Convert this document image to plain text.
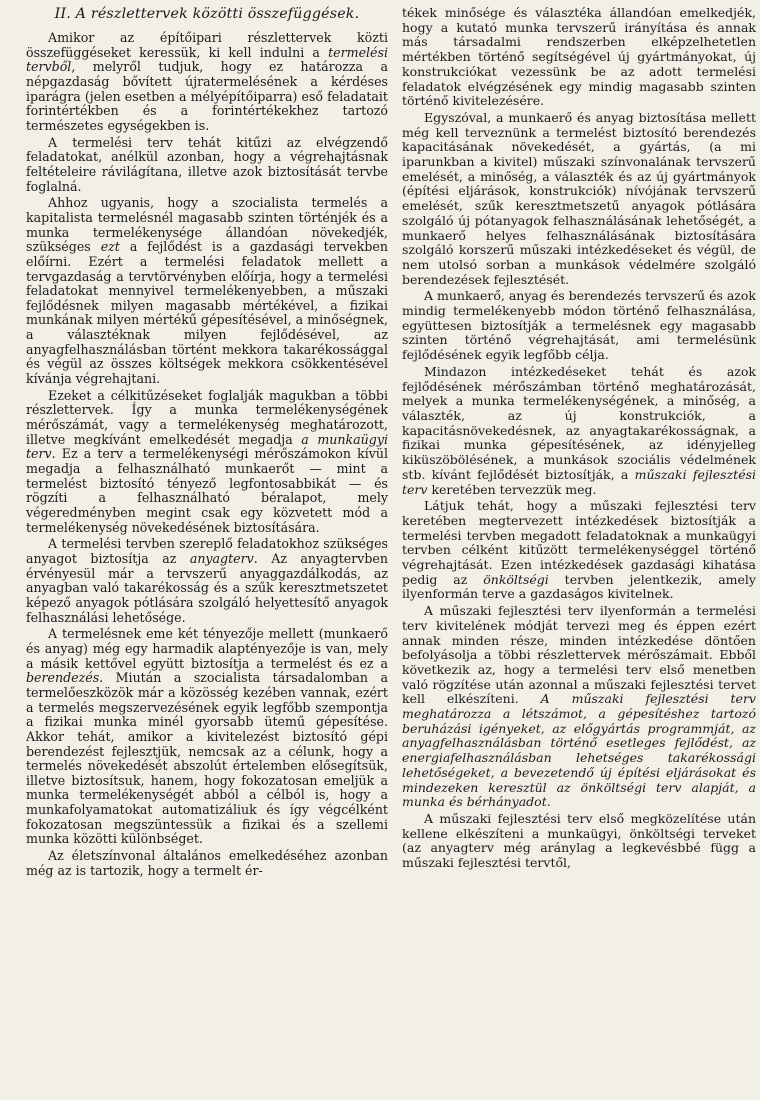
II. A részlettervek közötti összefüggések.

Amikor az építőipari részlettervek közti összefüggéseket keressük, ki kell indulni a termelési tervből, melyről tudjuk, hogy ez határozza a népgazdaság bővített újratermelésének a kérdéses iparágra (jelen esetben a mélyépítőiparra) eső feladatait forintértékben és a forintértékekhez tartozó természetes egységekben is.

A termelési terv tehát kitűzi az elvégzendő feladatokat, anélkül azonban, hogy a végrehajtásnak feltételeire rávilágítana, illetve azok biztosítását tervbe foglalná.

Ahhoz ugyanis, hogy a szocialista termelés a kapitalista termelésnél magasabb szinten történjék és a munka termelékenysége állandóan növekedjék, szükséges ezt a fejlődést is a gazdasági tervekben előírni. Ezért a termelési feladatok mellett a tervgazdaság a tervtörvényben előírja, hogy a termelési feladatokat mennyivel termelékenyebben, a műszaki fejlődésnek milyen magasabb mértékével, a fizikai munkának milyen mértékű gépesítésével, a minőségnek, a választéknak milyen fejlődésével, az anyagfelhasználásban történt mekkora takarékossággal és végül az összes költségek mekkora csökkentésével kívánja végrehajtani.

Ezeket a célkitűzéseket foglalják magukban a többi részlettervek. Így a munka termelékenységének mérőszámát, vagy a termelékenység meghatározott, illetve megkívánt emelkedését megadja a munkaügyi terv. Ez a terv a termelékenységi mérőszámokon kívül megadja a felhasználható munkaerőt — mint a termelést biztosító tényező legfontosabbikát — és rögzíti a felhasználható béralapot, mely végeredményben megint csak egy közvetett mód a termelékenység növekedésének biztosítására.

A termelési tervben szereplő feladatokhoz szükséges anyagot biztosítja az anyagterv. Az anyagtervben érvényesül már a tervszerű anyaggazdálkodás, az anyagban való takarékosság és a szűk keresztmetszetet képező anyagok pótlására szolgáló helyettesítő anyagok felhasználási lehetősége.

A termelésnek eme két tényezője mellett (munkaerő és anyag) még egy harmadik alaptényezője is van, mely a másik kettővel együtt biztosítja a termelést és ez a berendezés. Miután a szocialista társadalomban a termelőeszközök már a közösség kezében vannak, ezért a termelés megszervezésének egyik legfőbb szempontja a fizikai munka minél gyorsabb ütemű gépesítése. Akkor tehát, amikor a kivitelezést biztosító gépi berendezést fejlesztjük, nemcsak az a célunk, hogy a termelés növekedését abszolút értelemben elősegítsük, illetve biztosítsuk, hanem, hogy fokozatosan emeljük a munka termelékenységét abból a célból is, hogy a munkafolyamatokat automatizáliuk és így végcélként fokozatosan megszüntessük a fizikai és a szellemi munka közötti különbséget.

Az életszínvonal általános emelkedéséhez azonban még az is tartozik, hogy a termelt ér-

tékek minősége és választéka állandóan emelkedjék, hogy a kutató munka tervszerű irányítása és annak más társadalmi rendszerben elképzelhetetlen mértékben történő segítségével új gyártmányokat, új konstrukciókat vezessünk be az adott termelési feladatok elvégzésének egy mindig magasabb szinten történő kivitelezésére.

Egyszóval, a munkaerő és anyag biztosítása mellett még kell terveznünk a termelést biztosító berendezés kapacitásának növekedését, a gyártás, (a mi iparunkban a kivitel) műszaki színvonalának tervszerű emelését, a minőség, a választék és az új gyártmányok (építési eljárások, konstrukciók) nívójának tervszerű emelését, szűk keresztmetszetű anyagok pótlására szolgáló új pótanyagok felhasználásának lehetőségét, a munkaerő helyes felhasználásának biztosítására szolgáló korszerű műszaki intézkedéseket és végül, de nem utolsó sorban a munkások védelmére szolgáló berendezések fejlesztését.

A munkaerő, anyag és berendezés tervszerű és azok mindig termelékenyebb módon történő felhasználása, együttesen biztosítják a termelésnek egy magasabb szinten történő végrehajtását, ami termelésünk fejlődésének egyik legfőbb célja.

Mindazon intézkedéseket tehát és azok fejlődésének mérőszámban történő meghatározását, melyek a munka termelékenységének, a minőség, a választék, az új konstrukciók, a kapacitásnövekedésnek, az anyagtakarékosságnak, a fizikai munka gépesítésének, az idényjelleg kiküszöbölésének, a munkások szociális védelmének stb. kívánt fejlődését biztosítják, a műszaki fejlesztési terv keretében tervezzük meg.

Látjuk tehát, hogy a műszaki fejlesztési terv keretében megtervezett intézkedések biztosítják a termelési tervben megadott feladatoknak a munkaügyi tervben célként kitűzött termelékenységgel történő végrehajtását. Ezen intézkedések gazdasági kihatása pedig az önköltségi tervben jelentkezik, amely ilyenformán terve a gazdaságos kivitelnek.

A műszaki fejlesztési terv ilyenformán a termelési terv kivitelének módját tervezi meg és éppen ezért annak minden része, minden intézkedése döntően befolyásolja a többi részlettervek mérőszámait. Ebből következik az, hogy a termelési terv első menetben való rögzítése után azonnal a műszaki fejlesztési tervet kell elkészíteni. A műszaki fejlesztési terv meghatározza a létszámot, a gépesítéshez tartozó beruházási igényeket, az előgyártás programmját, az anyagfelhasználásban történő esetleges fejlődést, az energiafelhasználásban lehetséges takarékossági lehetőségeket, a bevezetendő új építési eljárásokat és mindezeken keresztül az önköltségi terv alapját, a munka és bérhányadot.

A műszaki fejlesztési terv első megközelítése után kellene elkészíteni a munkaügyi, önköltségi terveket (az anyagterv még aránylag a legkevésbbé függ a műszaki fejlesztési tervtől,
